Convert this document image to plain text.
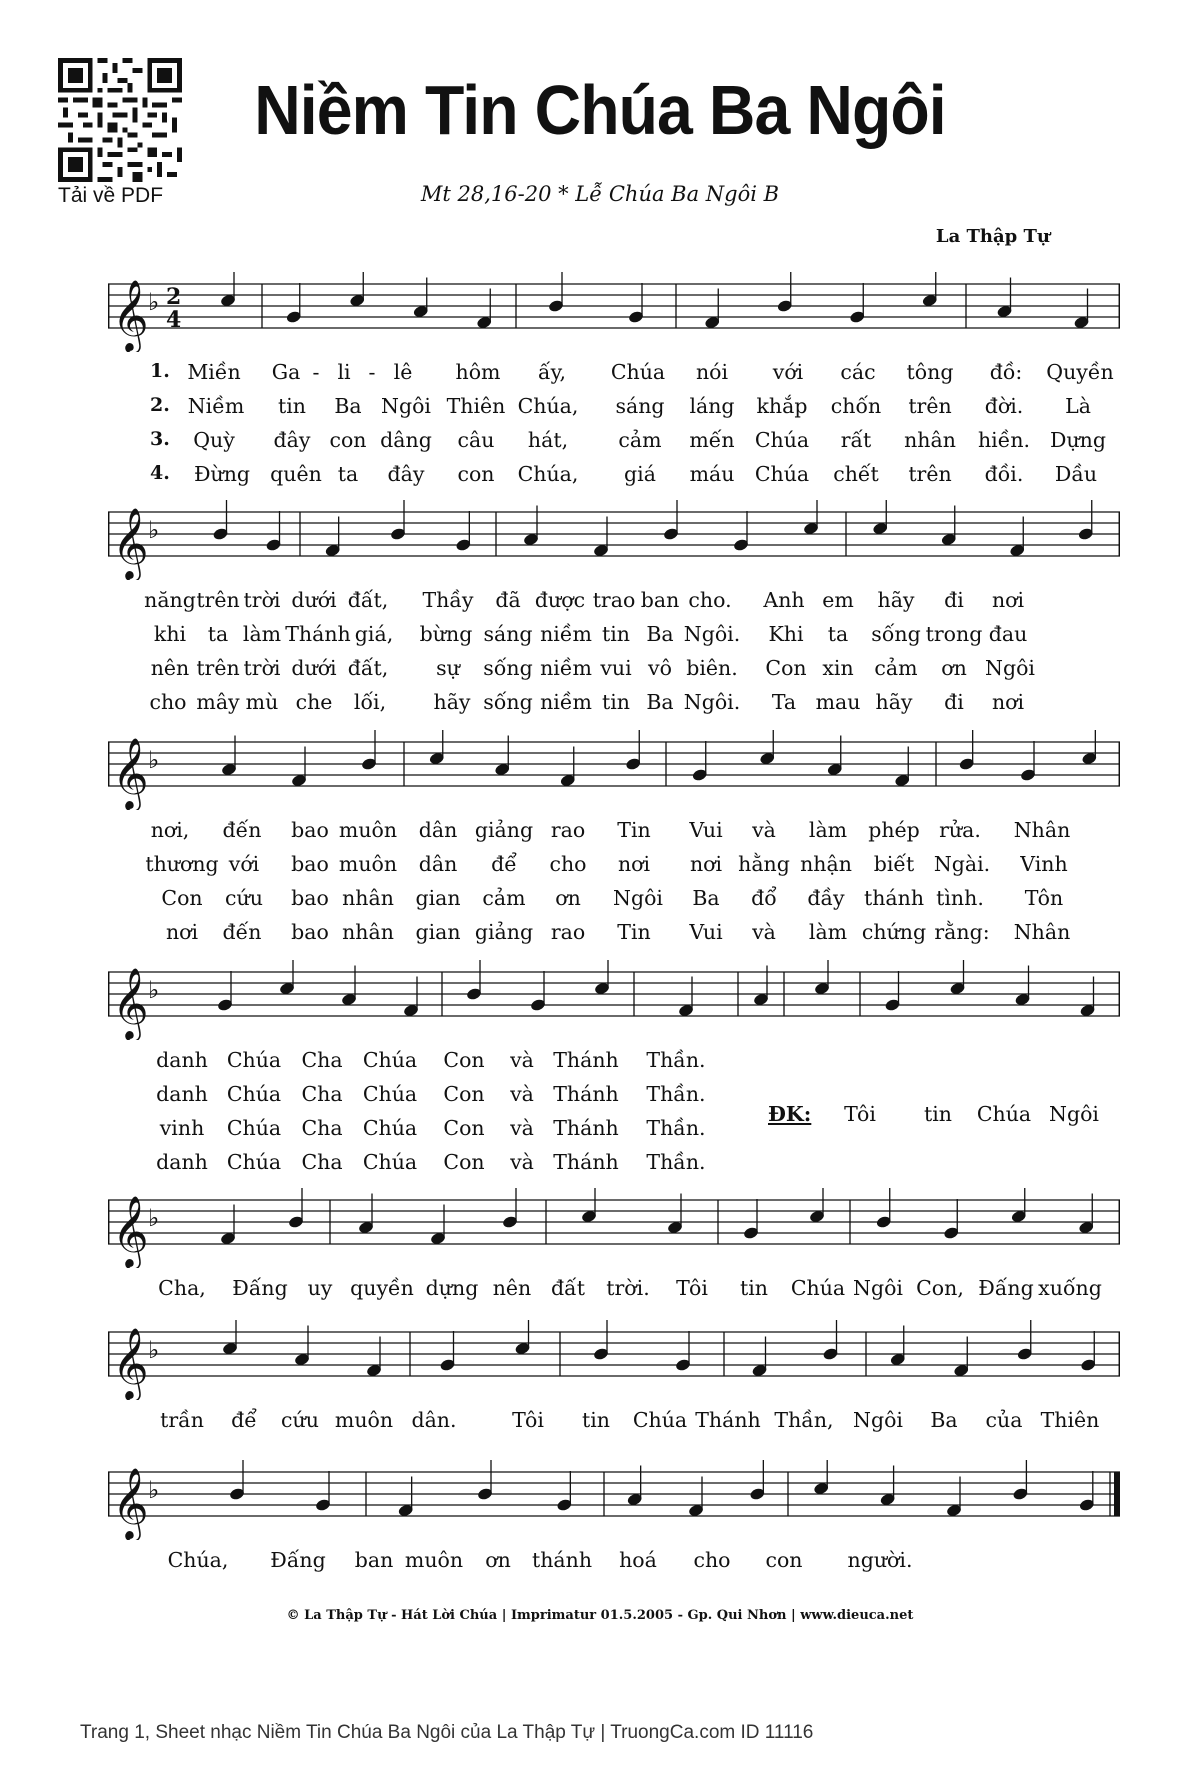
Tải về PDF
Niềm Tin Chúa Ba Ngôi
Mt 28,16-20 * Lễ Chúa Ba Ngôi B
La Thập Tự
𝄞 ♭ 2
4
1. Miền Ga - li - lê hôm ấy, Chúa nói với các tông đồ: Quyền
2. Niềm tin Ba Ngôi Thiên Chúa, sáng láng khắp chốn trên đời. Là
3. Quỳ đây con dâng câu hát, cảm mến Chúa rất nhân hiền. Dựng
4. Đừng quên ta đây con Chúa, giá máu Chúa chết trên đồi. Dầu
𝄞 ♭
năng trên trời dưới đất, Thầy đã được trao ban cho. Anh em hãy đi nơi
khi ta làm Thánh giá, bừng sáng niềm tin Ba Ngôi. Khi ta sống trong đau
nên trên trời dưới đất, sự sống niềm vui vô biên. Con xin cảm ơn Ngôi
cho mây mù che lối, hãy sống niềm tin Ba Ngôi. Ta mau hãy đi nơi
𝄞 ♭
nơi, đến bao muôn dân giảng rao Tin Vui và làm phép rửa. Nhân
thương với bao muôn dân để cho nơi nơi hằng nhận biết Ngài. Vinh
Con cứu bao nhân gian cảm ơn Ngôi Ba đổ đầy thánh tình. Tôn
nơi đến bao nhân gian giảng rao Tin Vui và làm chứng rằng: Nhân
𝄞 ♭
danh Chúa Cha Chúa Con và Thánh Thần.
danh Chúa Cha Chúa Con và Thánh Thần.
vinh Chúa Cha Chúa Con và Thánh Thần.
danh Chúa Cha Chúa Con và Thánh Thần.
ĐK: Tôi tin Chúa Ngôi
𝄞 ♭
Cha, Đấng uy quyền dựng nên đất trời. Tôi tin Chúa Ngôi Con, Đấng xuống
𝄞 ♭
trần để cứu muôn dân.	Tôi tin Chúa Thánh Thần, Ngôi Ba của Thiên
𝄞 ♭
Chúa, Đấng ban muôn ơn thánh hoá cho con người.
© La Thập Tự - Hát Lời Chúa | Imprimatur 01.5.2005 - Gp. Qui Nhơn | www.dieuca.net
Trang 1, Sheet nhạc Niềm Tin Chúa Ba Ngôi của La Thập Tự | TruongCa.com ID 11116
